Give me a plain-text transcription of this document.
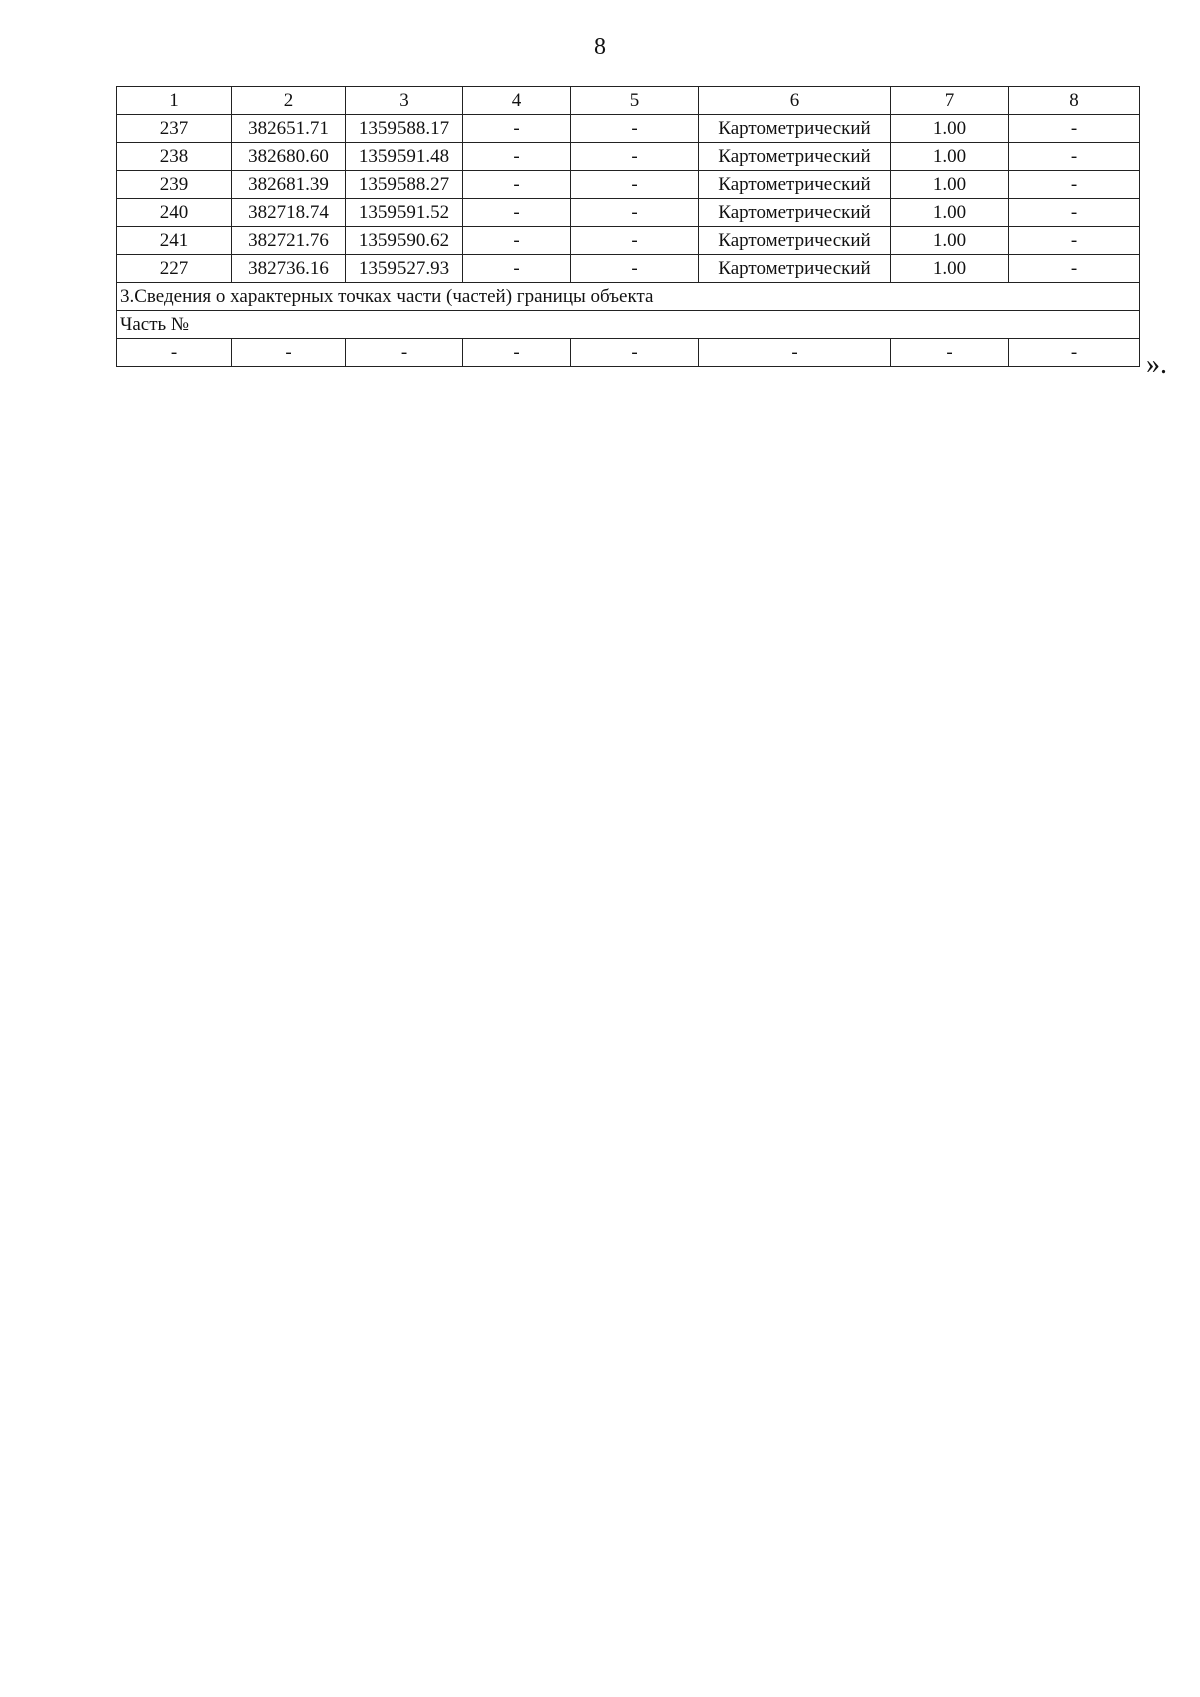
8
1	2	3	4	5	6	7	8
237	382651.71	1359588.17	-	-	Картометрический	1.00	-
238	382680.60	1359591.48	-	-	Картометрический	1.00	-
239	382681.39	1359588.27	-	-	Картометрический	1.00	-
240	382718.74	1359591.52	-	-	Картометрический	1.00	-
241	382721.76	1359590.62	-	-	Картометрический	1.00	-
227	382736.16	1359527.93	-	-	Картометрический	1.00	-
3.Сведения о характерных точках части (частей) границы объекта							
Часть №							
-	-	-	-	-	-	-	- ».
